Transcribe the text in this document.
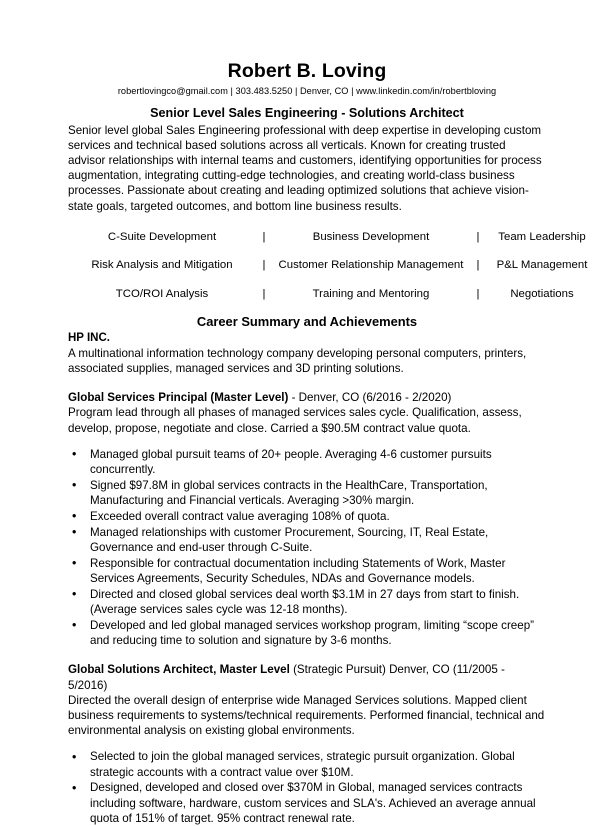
Robert B. Loving
robertlovingco@gmail.com | 303.483.5250 | Denver, CO | www.linkedin.com/in/robertbloving
Senior Level Sales Engineering - Solutions Architect

Senior level global Sales Engineering professional with deep expertise in developing custom services and technical based solutions across all verticals. Known for creating trusted advisor relationships with internal teams and customers, identifying opportunities for process augmentation, integrating cutting-edge technologies, and creating world-class business processes. Passionate about creating and leading optimized solutions that achieve vision-state goals, targeted outcomes, and bottom line business results.

C-Suite Development	|	Business Development	|	Team Leadership
Risk Analysis and Mitigation	|	Customer Relationship Management	|	P&L Management
TCO/ROI Analysis	|	Training and Mentoring	|	Negotiations
Career Summary and Achievements
HP INC.

A multinational information technology company developing personal computers, printers, associated supplies, managed services and 3D printing solutions.

Global Services Principal (Master Level) - Denver, CO (6/2016 - 2/2020)

Program lead through all phases of managed services sales cycle. Qualification, assess, develop, propose, negotiate and close. Carried a $90.5M contract value quota.

• Managed global pursuit teams of 20+ people. Averaging 4-6 customer pursuits concurrently.
• Signed $97.8M in global services contracts in the HealthCare, Transportation, Manufacturing and Financial verticals. Averaging >30% margin.
• Exceeded overall contract value averaging 108% of quota.
• Managed relationships with customer Procurement, Sourcing, IT, Real Estate, Governance and end-user through C-Suite.
• Responsible for contractual documentation including Statements of Work, Master Services Agreements, Security Schedules, NDAs and Governance models.
• Directed and closed global services deal worth $3.1M in 27 days from start to finish. (Average services sales cycle was 12-18 months).
• Developed and led global managed services workshop program, limiting “scope creep” and reducing time to solution and signature by 3-6 months.
Global Solutions Architect, Master Level (Strategic Pursuit) Denver, CO (11/2005 - 5/2016)

Directed the overall design of enterprise wide Managed Services solutions. Mapped client business requirements to systems/technical requirements. Performed financial, technical and environmental analysis on existing global environments.

• Selected to join the global managed services, strategic pursuit organization. Global strategic accounts with a contract value over $10M.
• Designed, developed and closed over $370M in Global, managed services contracts including software, hardware, custom services and SLA's. Achieved an average annual quota of 151% of target. 95% contract renewal rate.
